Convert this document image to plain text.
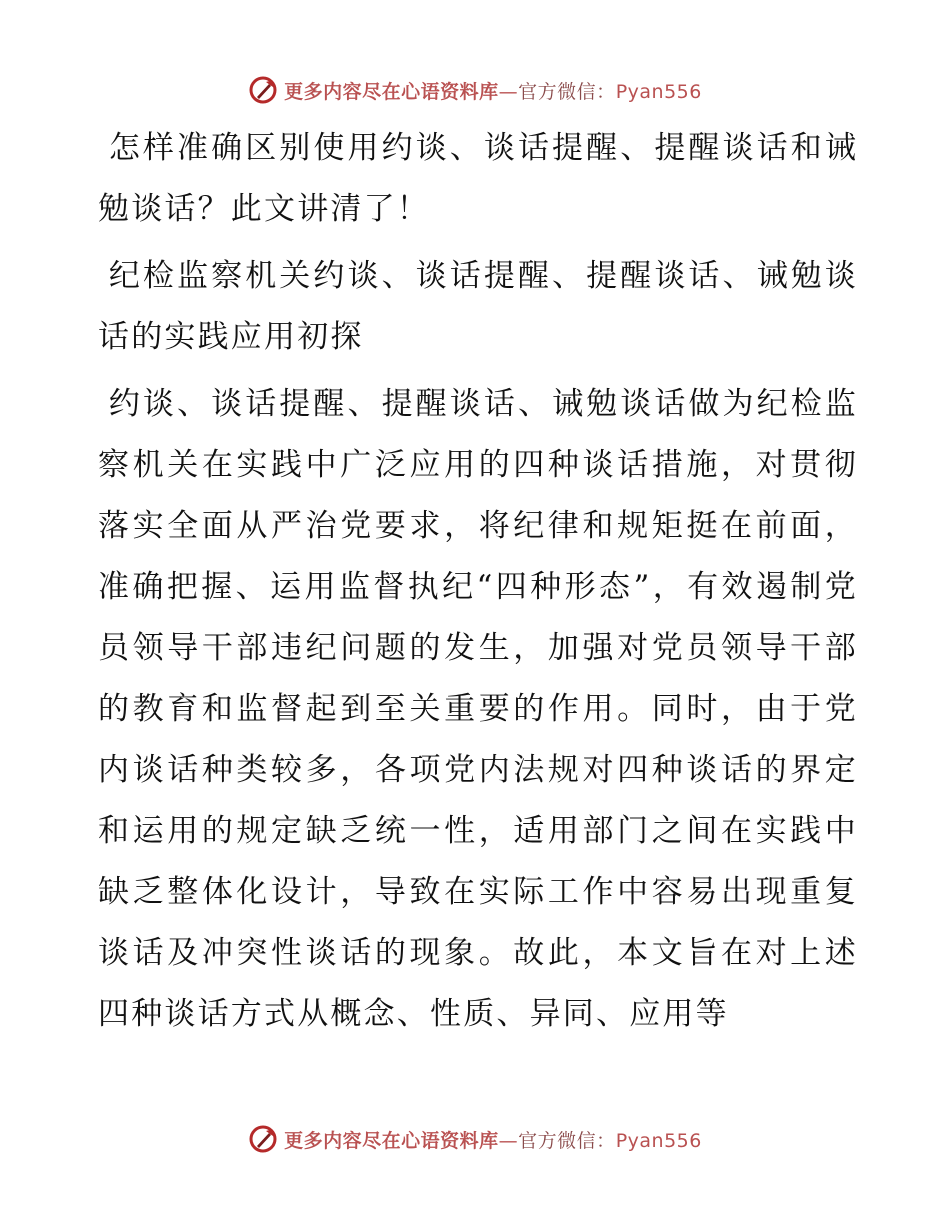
更多内容尽在心语资料库—官方微信：Pyan556

怎样准确区别使用约谈、谈话提醒、提醒谈话和诫勉谈话？此文讲清了！

纪检监察机关约谈、谈话提醒、提醒谈话、诫勉谈话的实践应用初探

约谈、谈话提醒、提醒谈话、诫勉谈话做为纪检监察机关在实践中广泛应用的四种谈话措施，对贯彻落实全面从严治党要求，将纪律和规矩挺在前面，准确把握、运用监督执纪“四种形态”，有效遏制党员领导干部违纪问题的发生，加强对党员领导干部的教育和监督起到至关重要的作用。同时，由于党内谈话种类较多，各项党内法规对四种谈话的界定和运用的规定缺乏统一性，适用部门之间在实践中缺乏整体化设计，导致在实际工作中容易出现重复谈话及冲突性谈话的现象。故此，本文旨在对上述四种谈话方式从概念、性质、异同、应用等

更多内容尽在心语资料库—官方微信：Pyan556
